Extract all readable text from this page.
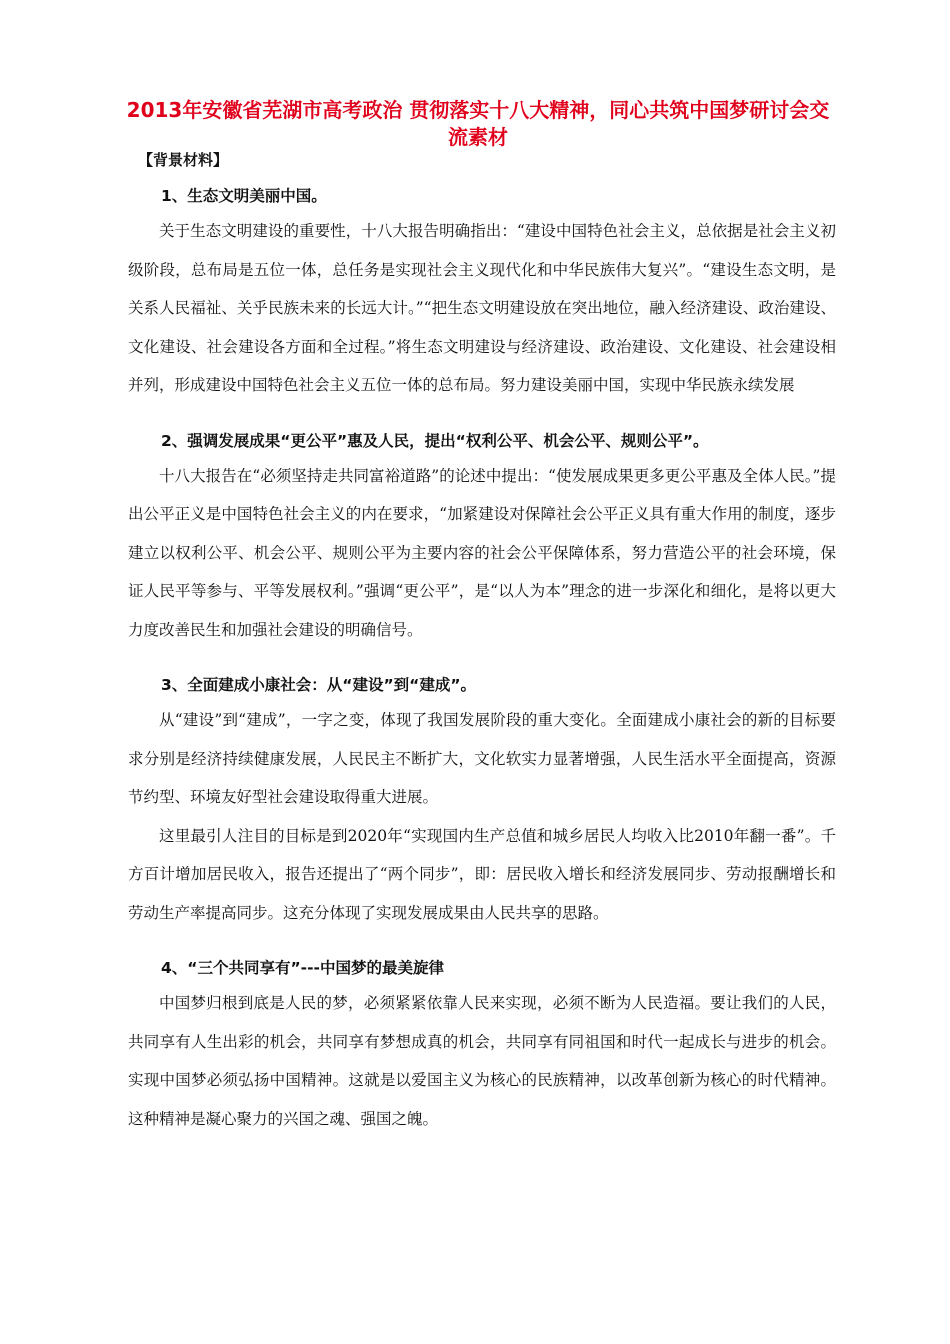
2013年安徽省芜湖市高考政治 贯彻落实十八大精神，同心共筑中国梦研讨会交流素材
【背景材料】
1、生态文明美丽中国。

关于生态文明建设的重要性，十八大报告明确指出：“建设中国特色社会主义，总依据是社会主义初级阶段，总布局是五位一体，总任务是实现社会主义现代化和中华民族伟大复兴”。“建设生态文明，是关系人民福祉、关乎民族未来的长远大计。”“把生态文明建设放在突出地位，融入经济建设、政治建设、文化建设、社会建设各方面和全过程。”将生态文明建设与经济建设、政治建设、文化建设、社会建设相并列，形成建设中国特色社会主义五位一体的总布局。努力建设美丽中国，实现中华民族永续发展

2、强调发展成果“更公平”惠及人民，提出“权利公平、机会公平、规则公平”。

十八大报告在“必须坚持走共同富裕道路”的论述中提出：“使发展成果更多更公平惠及全体人民。”提出公平正义是中国特色社会主义的内在要求，“加紧建设对保障社会公平正义具有重大作用的制度，逐步建立以权利公平、机会公平、规则公平为主要内容的社会公平保障体系，努力营造公平的社会环境，保证人民平等参与、平等发展权利。”强调“更公平”，是“以人为本”理念的进一步深化和细化，是将以更大力度改善民生和加强社会建设的明确信号。

3、全面建成小康社会：从“建设”到“建成”。

从“建设”到“建成”，一字之变，体现了我国发展阶段的重大变化。全面建成小康社会的新的目标要求分别是经济持续健康发展，人民民主不断扩大，文化软实力显著增强，人民生活水平全面提高，资源节约型、环境友好型社会建设取得重大进展。

这里最引人注目的目标是到2020年“实现国内生产总值和城乡居民人均收入比2010年翻一番”。千方百计增加居民收入，报告还提出了“两个同步”，即：居民收入增长和经济发展同步、劳动报酬增长和劳动生产率提高同步。这充分体现了实现发展成果由人民共享的思路。

4、“三个共同享有”---中国梦的最美旋律

中国梦归根到底是人民的梦，必须紧紧依靠人民来实现，必须不断为人民造福。要让我们的人民，共同享有人生出彩的机会，共同享有梦想成真的机会，共同享有同祖国和时代一起成长与进步的机会。实现中国梦必须弘扬中国精神。这就是以爱国主义为核心的民族精神，以改革创新为核心的时代精神。这种精神是凝心聚力的兴国之魂、强国之魄。
